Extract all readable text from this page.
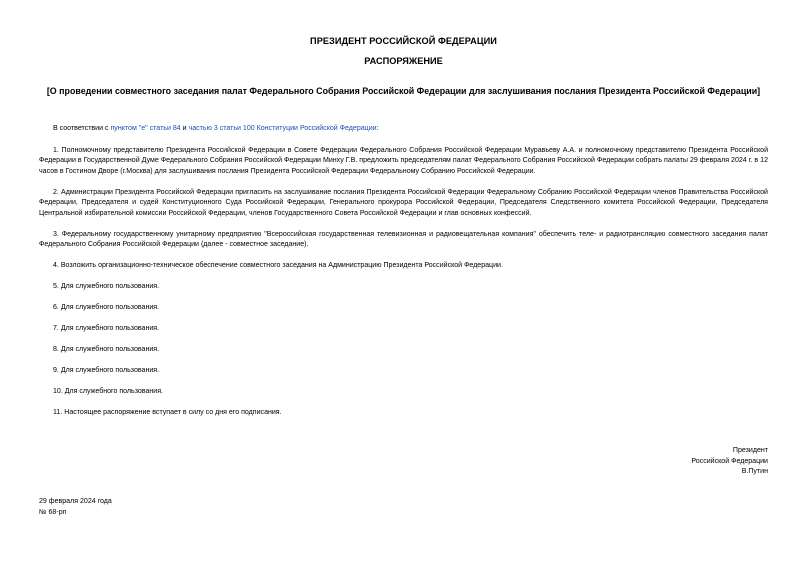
ПРЕЗИДЕНТ РОССИЙСКОЙ ФЕДЕРАЦИИ
РАСПОРЯЖЕНИЕ
[О проведении совместного заседания палат Федерального Собрания Российской Федерации для заслушивания послания Президента Российской Федерации]

В соответствии с пунктом "е" статьи 84 и частью 3 статьи 100 Конституции Российской Федерации:

1. Полномочному представителю Президента Российской Федерации в Совете Федерации Федерального Собрания Российской Федерации Муравьеву А.А. и полномочному представителю Президента Российской Федерации в Государственной Думе Федерального Собрания Российской Федерации Минху Г.В. предложить председателям палат Федерального Собрания Российской Федерации собрать палаты 29 февраля 2024 г. в 12 часов в Гостином Дворе (г.Москва) для заслушивания послания Президента Российской Федерации Федеральному Собранию Российской Федерации.

2. Администрации Президента Российской Федерации пригласить на заслушивание послания Президента Российской Федерации Федеральному Собранию Российской Федерации членов Правительства Российской Федерации, Председателя и судей Конституционного Суда Российской Федерации, Генерального прокурора Российской Федерации, Председателя Следственного комитета Российской Федерации, Председателя Центральной избирательной комиссии Российской Федерации, членов Государственного Совета Российской Федерации и глав основных конфессий.

3. Федеральному государственному унитарному предприятию "Всероссийская государственная телевизионная и радиовещательная компания" обеспечить теле- и радиотрансляцию совместного заседания палат Федерального Собрания Российской Федерации (далее - совместное заседание).

4. Возложить организационно-техническое обеспечение совместного заседания на Администрацию Президента Российской Федерации.

5. Для служебного пользования.

6. Для служебного пользования.

7. Для служебного пользования.

8. Для служебного пользования.

9. Для служебного пользования.

10. Для служебного пользования.

11. Настоящее распоряжение вступает в силу со дня его подписания.

Президент
Российской Федерации
В.Путин
29 февраля 2024 года
№ 68-рп
